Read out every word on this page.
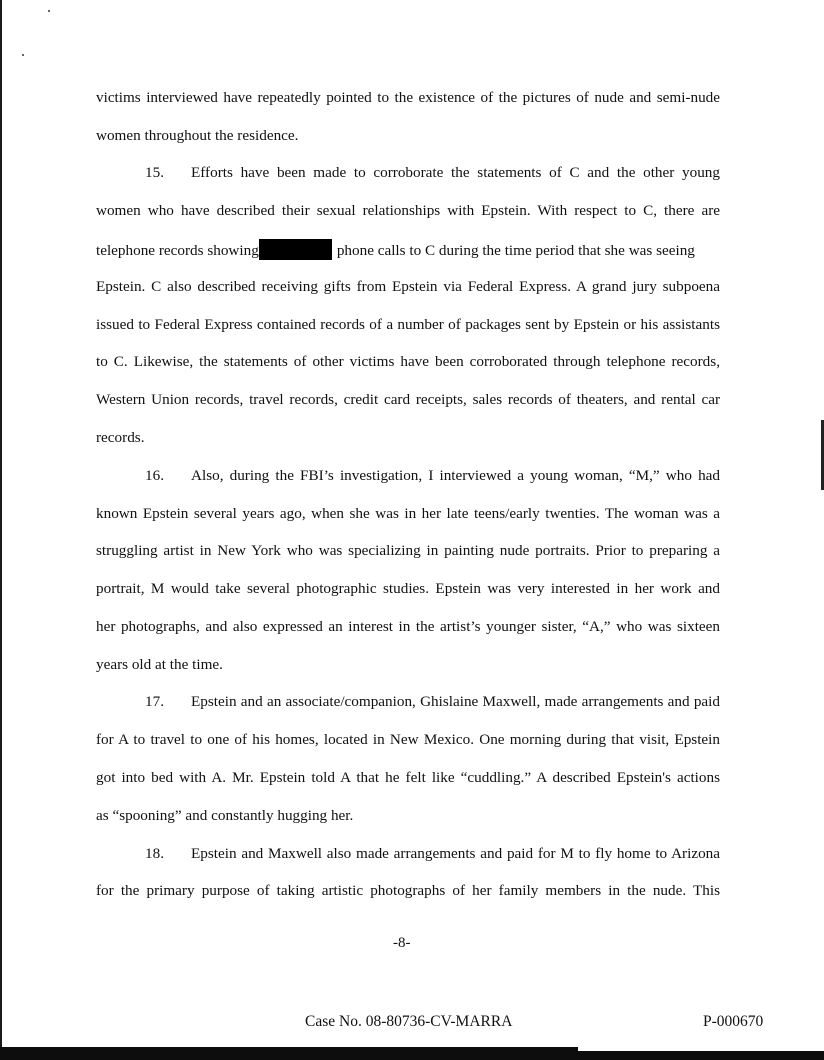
victims interviewed have repeatedly pointed to the existence of the pictures of nude and semi-nude
women throughout the residence.
15. Efforts have been made to corroborate the statements of C and the other young
women who have described their sexual relationships with Epstein. With respect to C, there are
telephone records showing	phone calls to C during the time period that she was seeing
Epstein. C also described receiving gifts from Epstein via Federal Express. A grand jury subpoena
issued to Federal Express contained records of a number of packages sent by Epstein or his assistants
to C. Likewise, the statements of other victims have been corroborated through telephone records,
Western Union records, travel records, credit card receipts, sales records of theaters, and rental car
records.
16. Also, during the FBI’s investigation, I interviewed a young woman, “M,” who had
known Epstein several years ago, when she was in her late teens/early twenties. The woman was a
struggling artist in New York who was specializing in painting nude portraits. Prior to preparing a
portrait, M would take several photographic studies. Epstein was very interested in her work and
her photographs, and also expressed an interest in the artist’s younger sister, “A,” who was sixteen
years old at the time.
17. Epstein and an associate/companion, Ghislaine Maxwell, made arrangements and paid
for A to travel to one of his homes, located in New Mexico. One morning during that visit, Epstein
got into bed with A. Mr. Epstein told A that he felt like “cuddling.” A described Epstein's actions
as “spooning” and constantly hugging her.
18. Epstein and Maxwell also made arrangements and paid for M to fly home to Arizona
for the primary purpose of taking artistic photographs of her family members in the nude. This
-8-
Case No. 08-80736-CV-MARRA	P-000670
